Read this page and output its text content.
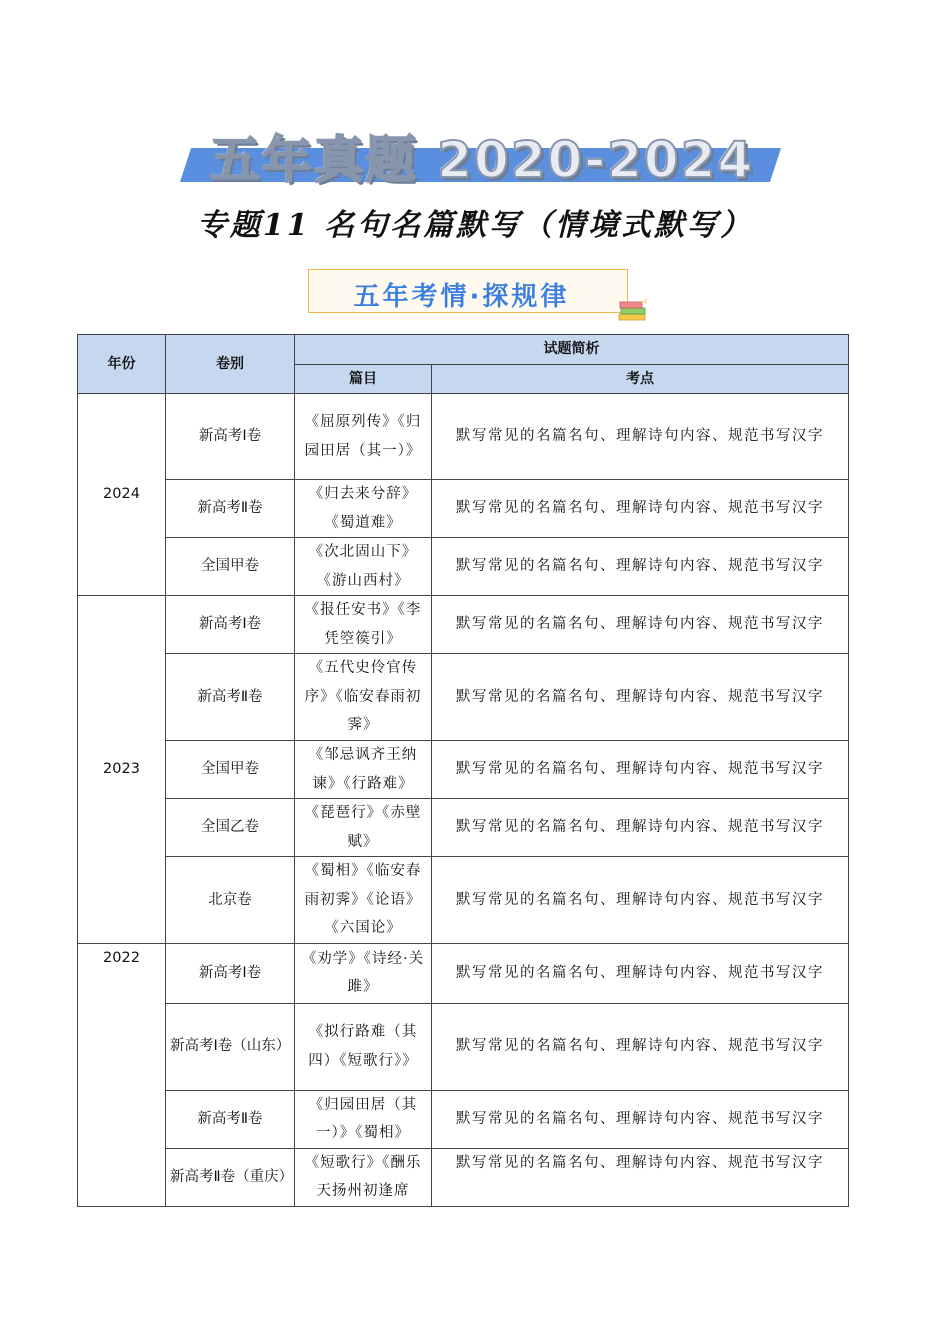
五年真题 2020-2024
专题11 名句名篇默写（情境式默写）
五年考情·探规律
年份	卷别	试题简析	
		篇目	考点
2024	新高考Ⅰ卷	《屈原列传》《归园田居（其一）》	默写常见的名篇名句、理解诗句内容、规范书写汉字
	新高考Ⅱ卷	《归去来兮辞》《蜀道难》	默写常见的名篇名句、理解诗句内容、规范书写汉字
	全国甲卷	《次北固山下》《游山西村》	默写常见的名篇名句、理解诗句内容、规范书写汉字
2023	新高考Ⅰ卷	《报任安书》《李凭箜篌引》	默写常见的名篇名句、理解诗句内容、规范书写汉字
	新高考Ⅱ卷	《五代史伶官传序》《临安春雨初霁》	默写常见的名篇名句、理解诗句内容、规范书写汉字
	全国甲卷	《邹忌讽齐王纳谏》《行路难》	默写常见的名篇名句、理解诗句内容、规范书写汉字
	全国乙卷	《琵琶行》《赤壁赋》	默写常见的名篇名句、理解诗句内容、规范书写汉字
	北京卷	《蜀相》《临安春雨初霁》《论语》《六国论》	默写常见的名篇名句、理解诗句内容、规范书写汉字
2022	新高考Ⅰ卷	《劝学》《诗经·关雎》	默写常见的名篇名句、理解诗句内容、规范书写汉字
	新高考Ⅰ卷（山东）	《拟行路难（其四）《短歌行》》	默写常见的名篇名句、理解诗句内容、规范书写汉字
	新高考Ⅱ卷	《归园田居（其一）》《蜀相》	默写常见的名篇名句、理解诗句内容、规范书写汉字
	新高考Ⅱ卷（重庆）	《短歌行》《酬乐天扬州初逢席	默写常见的名篇名句、理解诗句内容、规范书写汉字
